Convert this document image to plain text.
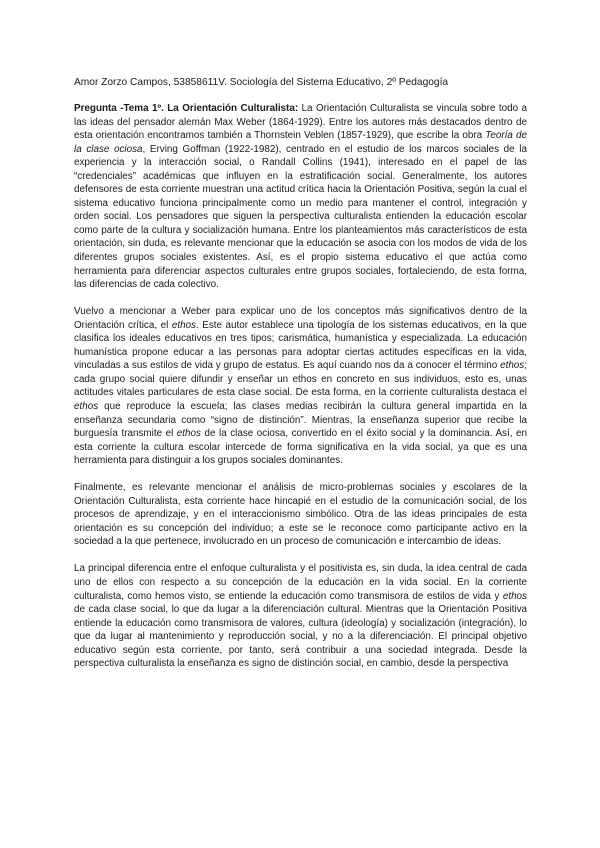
Amor Zorzo Campos, 53858611V. Sociología del Sistema Educativo, 2º Pedagogía

Pregunta -Tema 1º. La Orientación Culturalista: La Orientación Culturalista se vincula sobre todo a las ideas del pensador alemán Max Weber (1864-1929). Entre los autores más destacados dentro de esta orientación encontramos también a Thornstein Veblen (1857-1929), que escribe la obra Teoría de la clase ociosa, Erving Goffman (1922-1982), centrado en el estudio de los marcos sociales de la experiencia y la interacción social, o Randall Collins (1941), interesado en el papel de las “credenciales” académicas que influyen en la estratificación social. Generalmente, los autores defensores de esta corriente muestran una actitud crítica hacia la Orientación Positiva, según la cual el sistema educativo funciona principalmente como un medio para mantener el control, integración y orden social. Los pensadores que siguen la perspectiva culturalista entienden la educación escolar como parte de la cultura y socialización humana. Entre los planteamientos más característicos de esta orientación, sin duda, es relevante mencionar que la educación se asocia con los modos de vida de los diferentes grupos sociales existentes. Así, es el propio sistema educativo el que actúa como herramienta para diferenciar aspectos culturales entre grupos sociales, fortaleciendo, de esta forma, las diferencias de cada colectivo.

Vuelvo a mencionar a Weber para explicar uno de los conceptos más significativos dentro de la Orientación crítica, el ethos. Este autor establece una tipología de los sistemas educativos, en la que clasifica los ideales educativos en tres tipos; carismática, humanística y especializada. La educación humanística propone educar a las personas para adoptar ciertas actitudes específicas en la vida, vinculadas a sus estilos de vida y grupo de estatus. Es aquí cuando nos da a conocer el término ethos; cada grupo social quiere difundir y enseñar un ethos en concreto en sus individuos, esto es, unas actitudes vitales particulares de esta clase social. De esta forma, en la corriente culturalista destaca el ethos que reproduce la escuela; las clases medias recibirán la cultura general impartida en la enseñanza secundaria como “signo de distinción”. Mientras, la enseñanza superior que recibe la burguesía transmite el ethos de la clase ociosa, convertido en el éxito social y la dominancia. Así, en esta corriente la cultura escolar intercede de forma significativa en la vida social, ya que es una herramienta para distinguir a los grupos sociales dominantes.

Finalmente, es relevante mencionar el análisis de micro-problemas sociales y escolares de la Orientación Culturalista, esta corriente hace hincapié en el estudio de la comunicación social, de los procesos de aprendizaje, y en el interaccionismo simbólico. Otra de las ideas principales de esta orientación es su concepción del individuo; a este se le reconoce como participante activo en la sociedad a la que pertenece, involucrado en un proceso de comunicación e intercambio de ideas.

La principal diferencia entre el enfoque culturalista y el positivista es, sin duda, la idea central de cada uno de ellos con respecto a su concepción de la educación en la vida social. En la corriente culturalista, como hemos visto, se entiende la educación como transmisora de estilos de vida y ethos de cada clase social, lo que da lugar a la diferenciación cultural. Mientras que la Orientación Positiva entiende la educación como transmisora de valores, cultura (ideología) y socialización (integración), lo que da lugar al mantenimiento y reproducción social, y no a la diferenciación. El principal objetivo educativo según esta corriente, por tanto, será contribuir a una sociedad integrada. Desde la perspectiva culturalista la enseñanza es signo de distinción social, en cambio, desde la perspectiva
